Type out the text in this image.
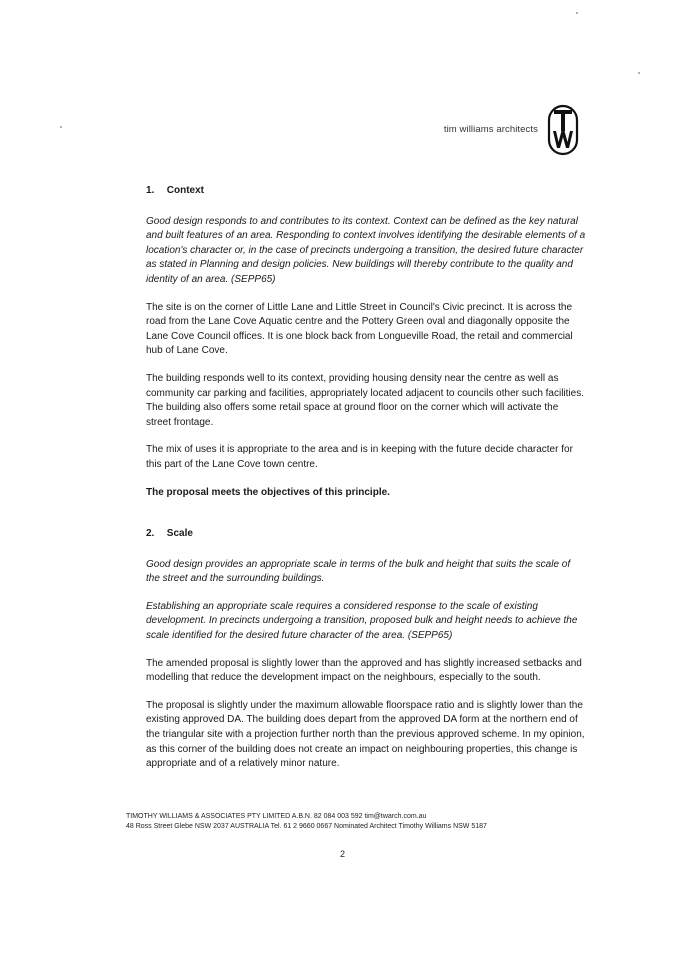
tim williams architects
TW
1. Context

Good design responds to and contributes to its context. Context can be defined as the key natural and built features of an area. Responding to context involves identifying the desirable elements of a location's character or, in the case of precincts undergoing a transition, the desired future character as stated in Planning and design policies. New buildings will thereby contribute to the quality and identity of an area. (SEPP65)

The site is on the corner of Little Lane and Little Street in Council's Civic precinct. It is across the road from the Lane Cove Aquatic centre and the Pottery Green oval and diagonally opposite the Lane Cove Council offices. It is one block back from Longueville Road, the retail and commercial hub of Lane Cove.

The building responds well to its context, providing housing density near the centre as well as community car parking and facilities, appropriately located adjacent to councils other such facilities. The building also offers some retail space at ground floor on the corner which will activate the street frontage.

The mix of uses it is appropriate to the area and is in keeping with the future decide character for this part of the Lane Cove town centre.

The proposal meets the objectives of this principle.

2. Scale

Good design provides an appropriate scale in terms of the bulk and height that suits the scale of the street and the surrounding buildings.

Establishing an appropriate scale requires a considered response to the scale of existing development. In precincts undergoing a transition, proposed bulk and height needs to achieve the scale identified for the desired future character of the area. (SEPP65)

The amended proposal is slightly lower than the approved and has slightly increased setbacks and modelling that reduce the development impact on the neighbours, especially to the south.

The proposal is slightly under the maximum allowable floorspace ratio and is slightly lower than the existing approved DA. The building does depart from the approved DA form at the northern end of the triangular site with a projection further north than the previous approved scheme. In my opinion, as this corner of the building does not create an impact on neighbouring properties, this change is appropriate and of a relatively minor nature.

TIMOTHY WILLIAMS & ASSOCIATES PTY LIMITED A.B.N. 82 084 003 592 tim@twarch.com.au
48 Ross Street Glebe NSW 2037 AUSTRALIA Tel. 61 2 9660 0667 Nominated Architect Timothy Williams NSW 5187
2
